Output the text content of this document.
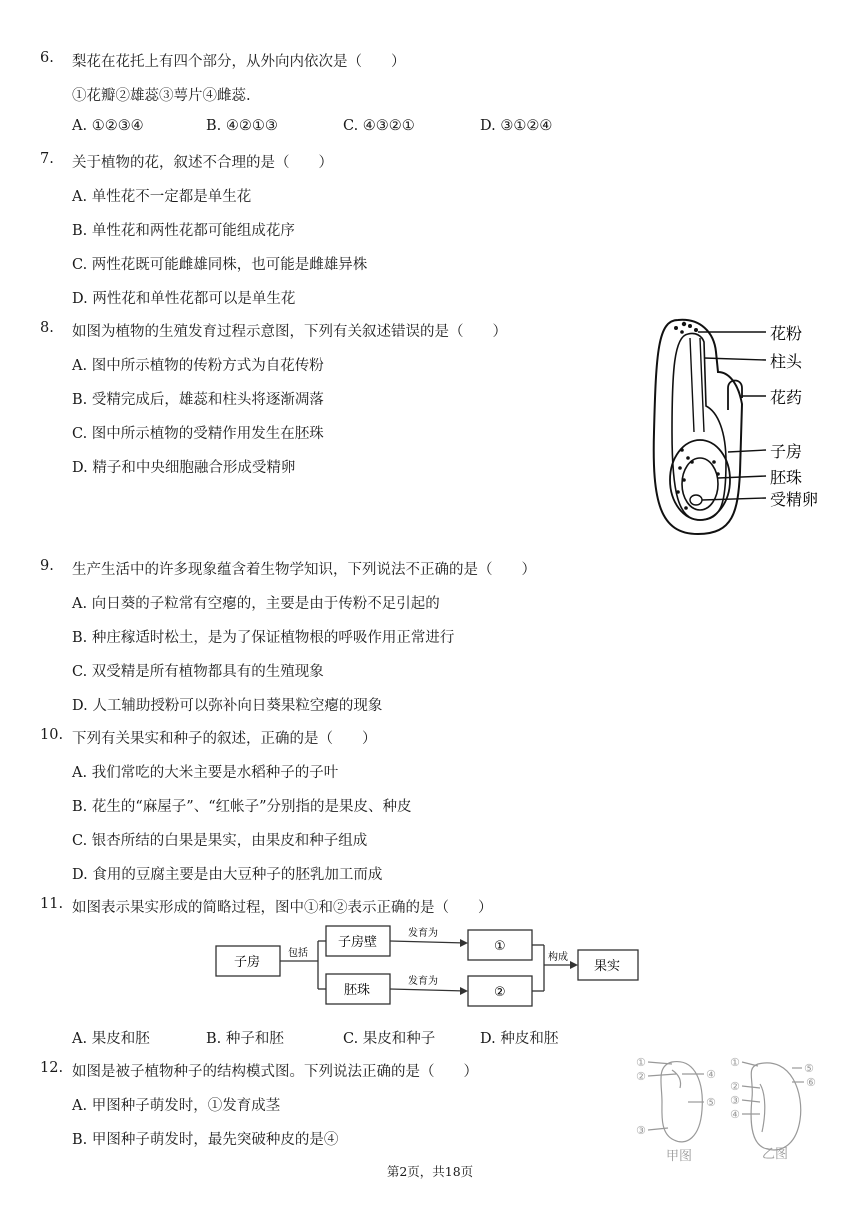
6. 梨花在花托上有四个部分，从外向内依次是（　　）
①花瓣②雄蕊③萼片④雌蕊.
A. ①②③④	B. ④②①③	C. ④③②①	D. ③①②④
7. 关于植物的花，叙述不合理的是（　　）
A. 单性花不一定都是单生花
B. 单性花和两性花都可能组成花序
C. 两性花既可能雌雄同株，也可能是雌雄异株
D. 两性花和单性花都可以是单生花
8. 如图为植物的生殖发育过程示意图，下列有关叙述错误的是（　　）
A. 图中所示植物的传粉方式为自花传粉
B. 受精完成后，雄蕊和柱头将逐渐凋落
C. 图中所示植物的受精作用发生在胚珠
D. 精子和中央细胞融合形成受精卵
花粉
柱头
花药
子房
胚珠
受精卵
9. 生产生活中的许多现象蕴含着生物学知识，下列说法不正确的是（　　）
A. 向日葵的子粒常有空瘪的，主要是由于传粉不足引起的
B. 种庄稼适时松土，是为了保证植物根的呼吸作用正常进行
C. 双受精是所有植物都具有的生殖现象
D. 人工辅助授粉可以弥补向日葵果粒空瘪的现象
10. 下列有关果实和种子的叙述，正确的是（　　）
A. 我们常吃的大米主要是水稻种子的子叶
B. 花生的“麻屋子”、“红帐子”分别指的是果皮、种皮
C. 银杏所结的白果是果实，由果皮和种子组成
D. 食用的豆腐主要是由大豆种子的胚乳加工而成
11. 如图表示果实形成的简略过程，图中①和②表示正确的是（　　）
子房
包括
子房壁
胚珠
发育为
发育为
①
②
构成
果实
A. 果皮和胚	B. 种子和胚	C. 果皮和种子	D. 种皮和胚
12. 如图是被子植物种子的结构模式图。下列说法正确的是（　　）
A. 甲图种子萌发时，①发育成茎
B. 甲图种子萌发时，最先突破种皮的是④
①
②
③
④
⑤
①
②
③
④
⑤
⑥
甲图	乙图
第2页，共18页
